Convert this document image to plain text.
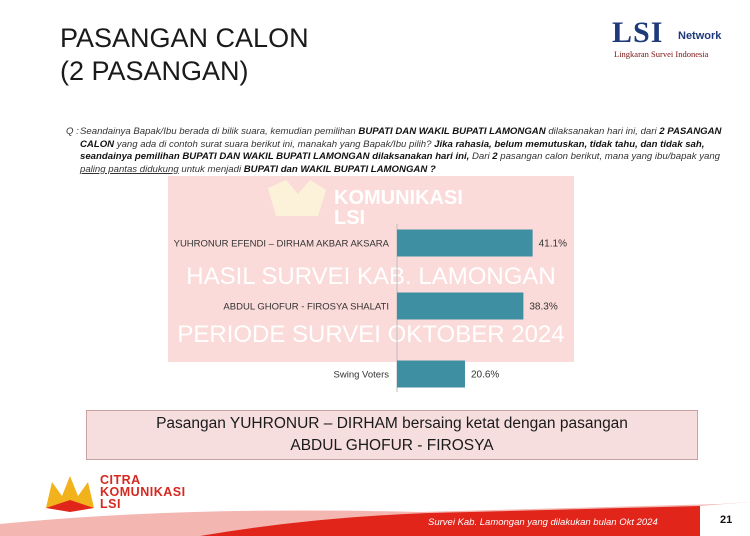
PASANGAN CALON
(2 PASANGAN)
LSI Network
Lingkaran Survei Indonesia
KOMUNIKASI
LSI
HASIL SURVEI KAB. LAMONGAN
PERIODE SURVEI OKTOBER 2024
Q : Seandainya Bapak/Ibu berada di bilik suara, kemudian pemilihan BUPATI DAN WAKIL BUPATI LAMONGAN dilaksanakan hari ini, dari 2 PASANGAN CALON yang ada di contoh surat suara berikut ini, manakah yang Bapak/Ibu pilih? Jika rahasia, belum memutuskan, tidak tahu, dan tidak sah, seandainya pemilihan BUPATI DAN WAKIL BUPATI LAMONGAN dilaksanakan hari ini, Dari 2 pasangan calon berikut, mana yang ibu/bapak yang paling pantas didukung untuk menjadi BUPATI dan WAKIL BUPATI LAMONGAN ?
YUHRONUR EFENDI – DIRHAM AKBAR AKSARA	41.1%
ABDUL GHOFUR - FIROSYA SHALATI	38.3%
Swing Voters	20.6%
Pasangan YUHRONUR – DIRHAM bersaing ketat dengan pasangan ABDUL GHOFUR - FIROSYA
Survei Kab. Lamongan yang dilakukan bulan Okt 2024	21
CITRA
KOMUNIKASI
LSI
